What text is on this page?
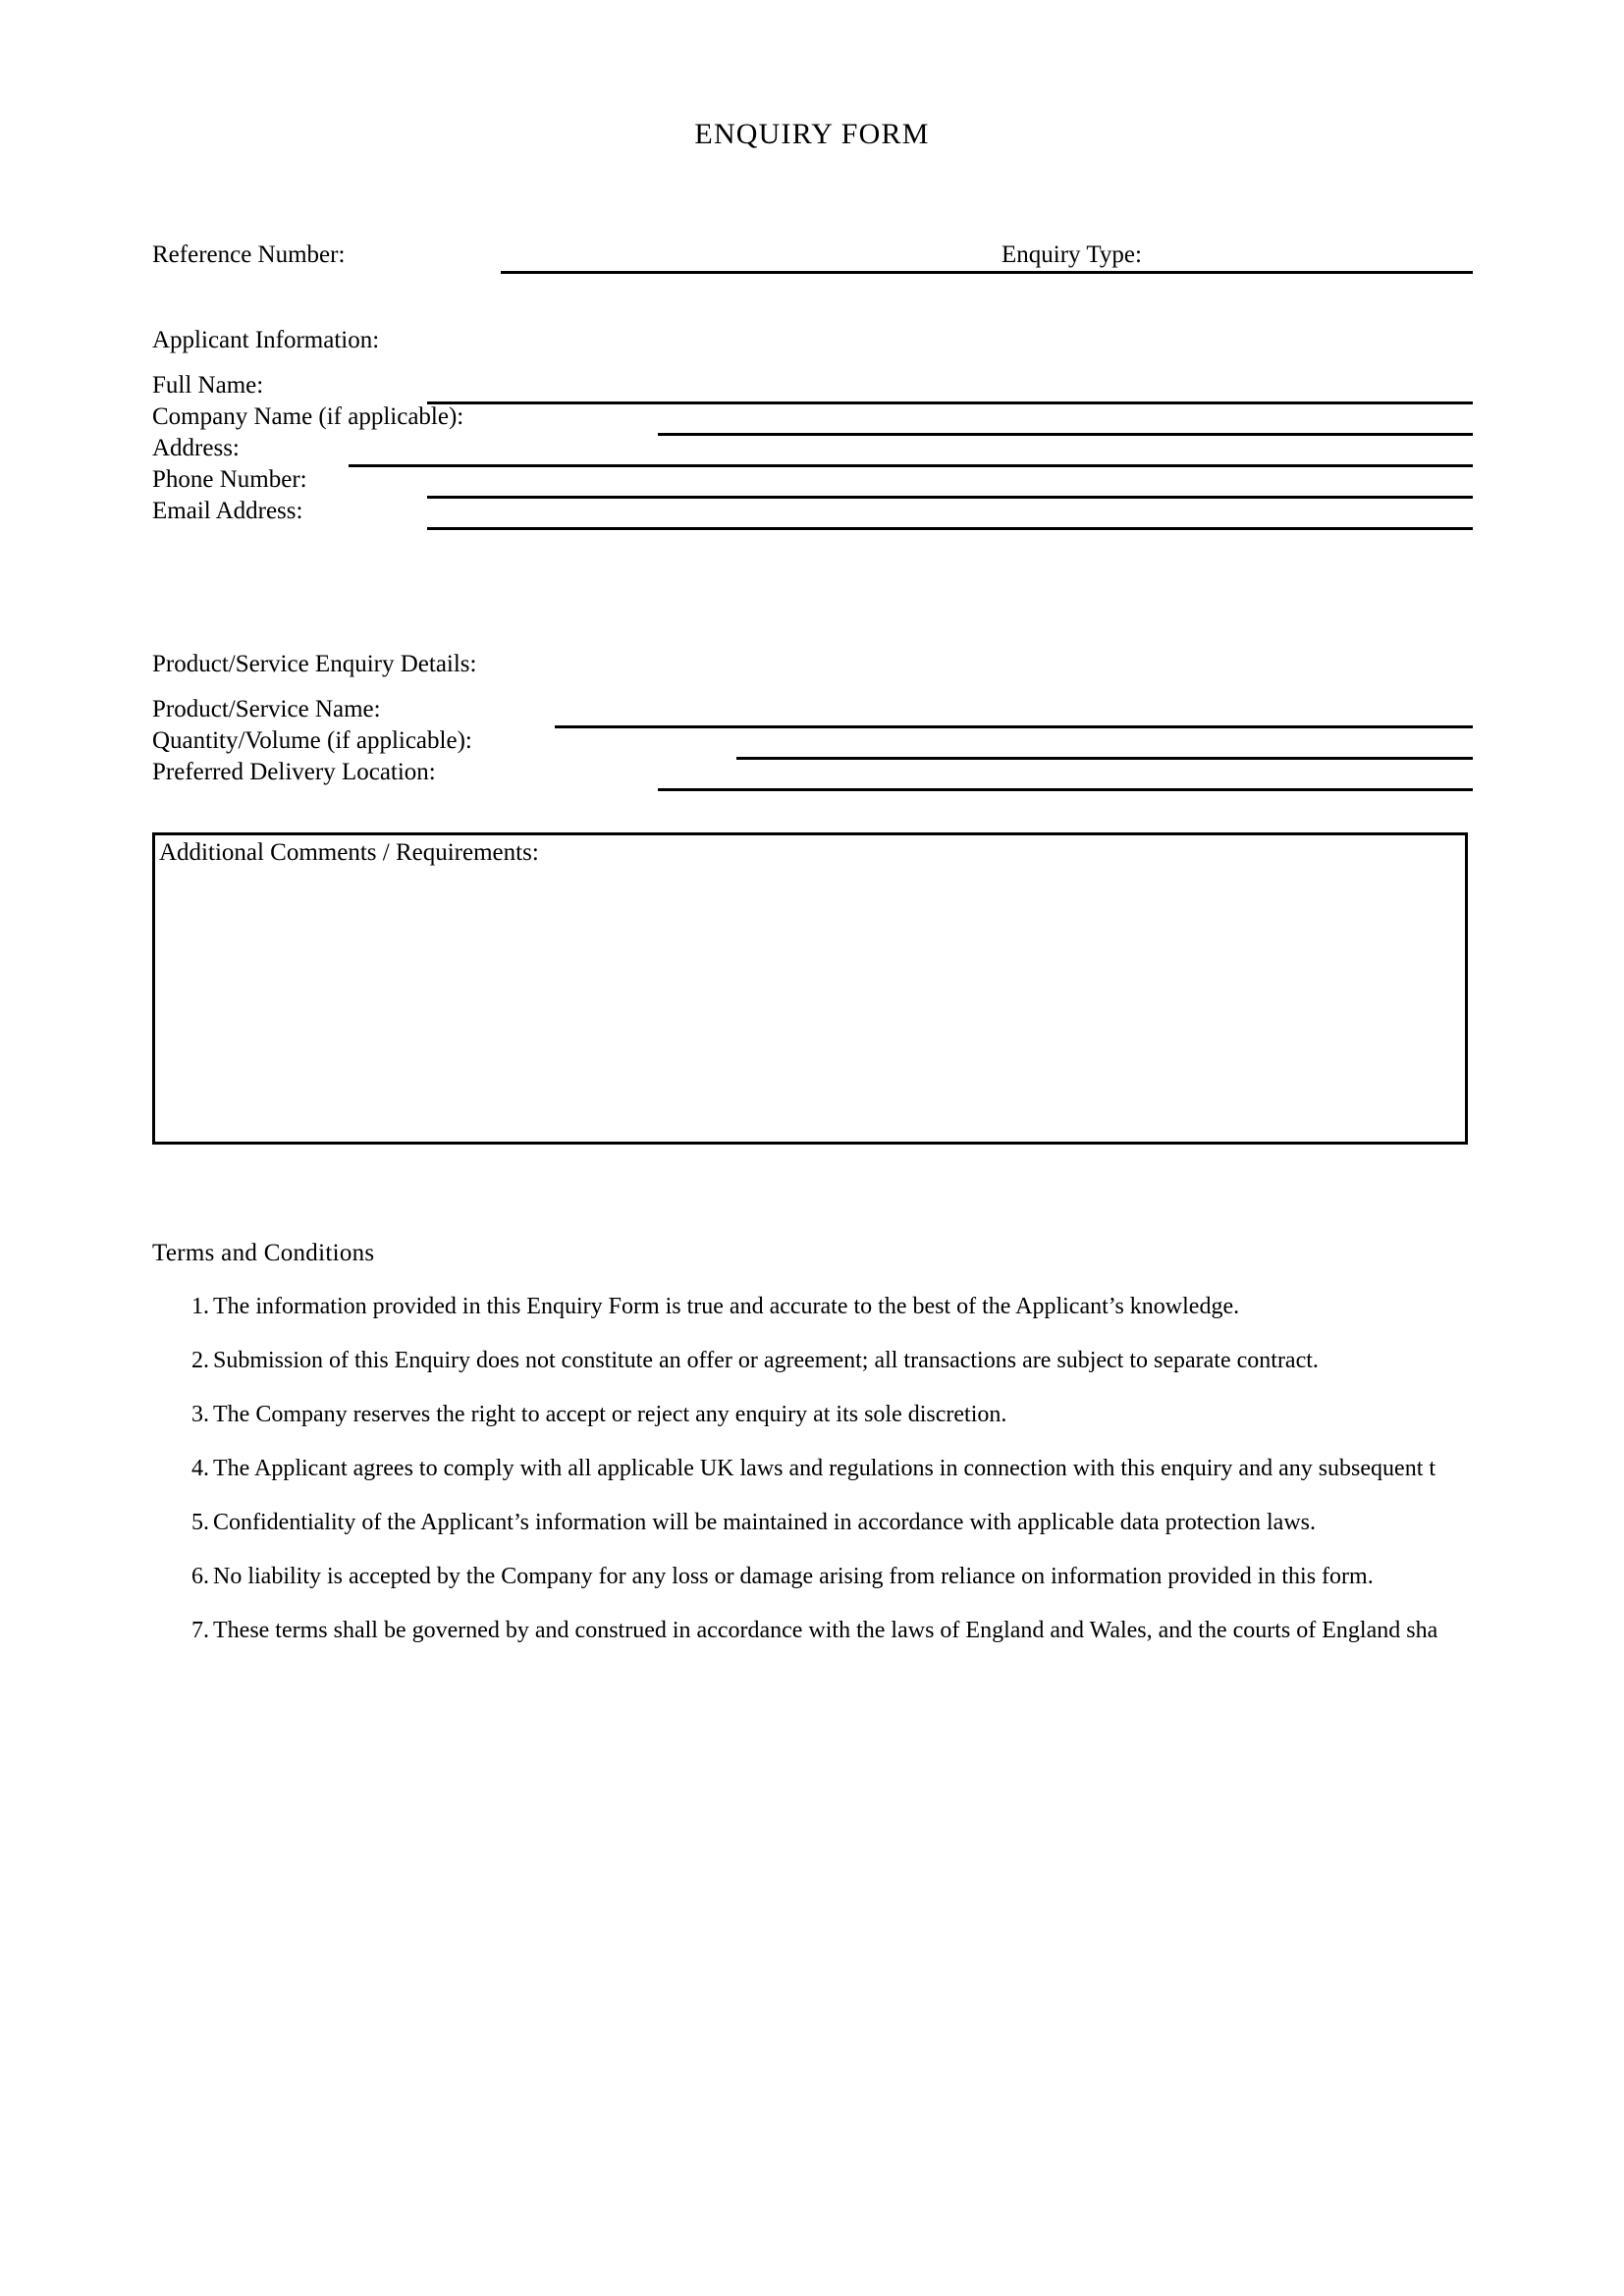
ENQUIRY FORM
Reference Number:	Enquiry Type:
Applicant Information:
Full Name:
Company Name (if applicable):
Address:
Phone Number:
Email Address:
Product/Service Enquiry Details:
Product/Service Name:
Quantity/Volume (if applicable):
Preferred Delivery Location:
Additional Comments / Requirements:
Terms and Conditions
1. The information provided in this Enquiry Form is true and accurate to the best of the Applicant’s knowledge.
2. Submission of this Enquiry does not constitute an offer or agreement; all transactions are subject to separate contract.
3. The Company reserves the right to accept or reject any enquiry at its sole discretion.
4. The Applicant agrees to comply with all applicable UK laws and regulations in connection with this enquiry and any subsequent t
5. Confidentiality of the Applicant’s information will be maintained in accordance with applicable data protection laws.
6. No liability is accepted by the Company for any loss or damage arising from reliance on information provided in this form.
7. These terms shall be governed by and construed in accordance with the laws of England and Wales, and the courts of England sha
